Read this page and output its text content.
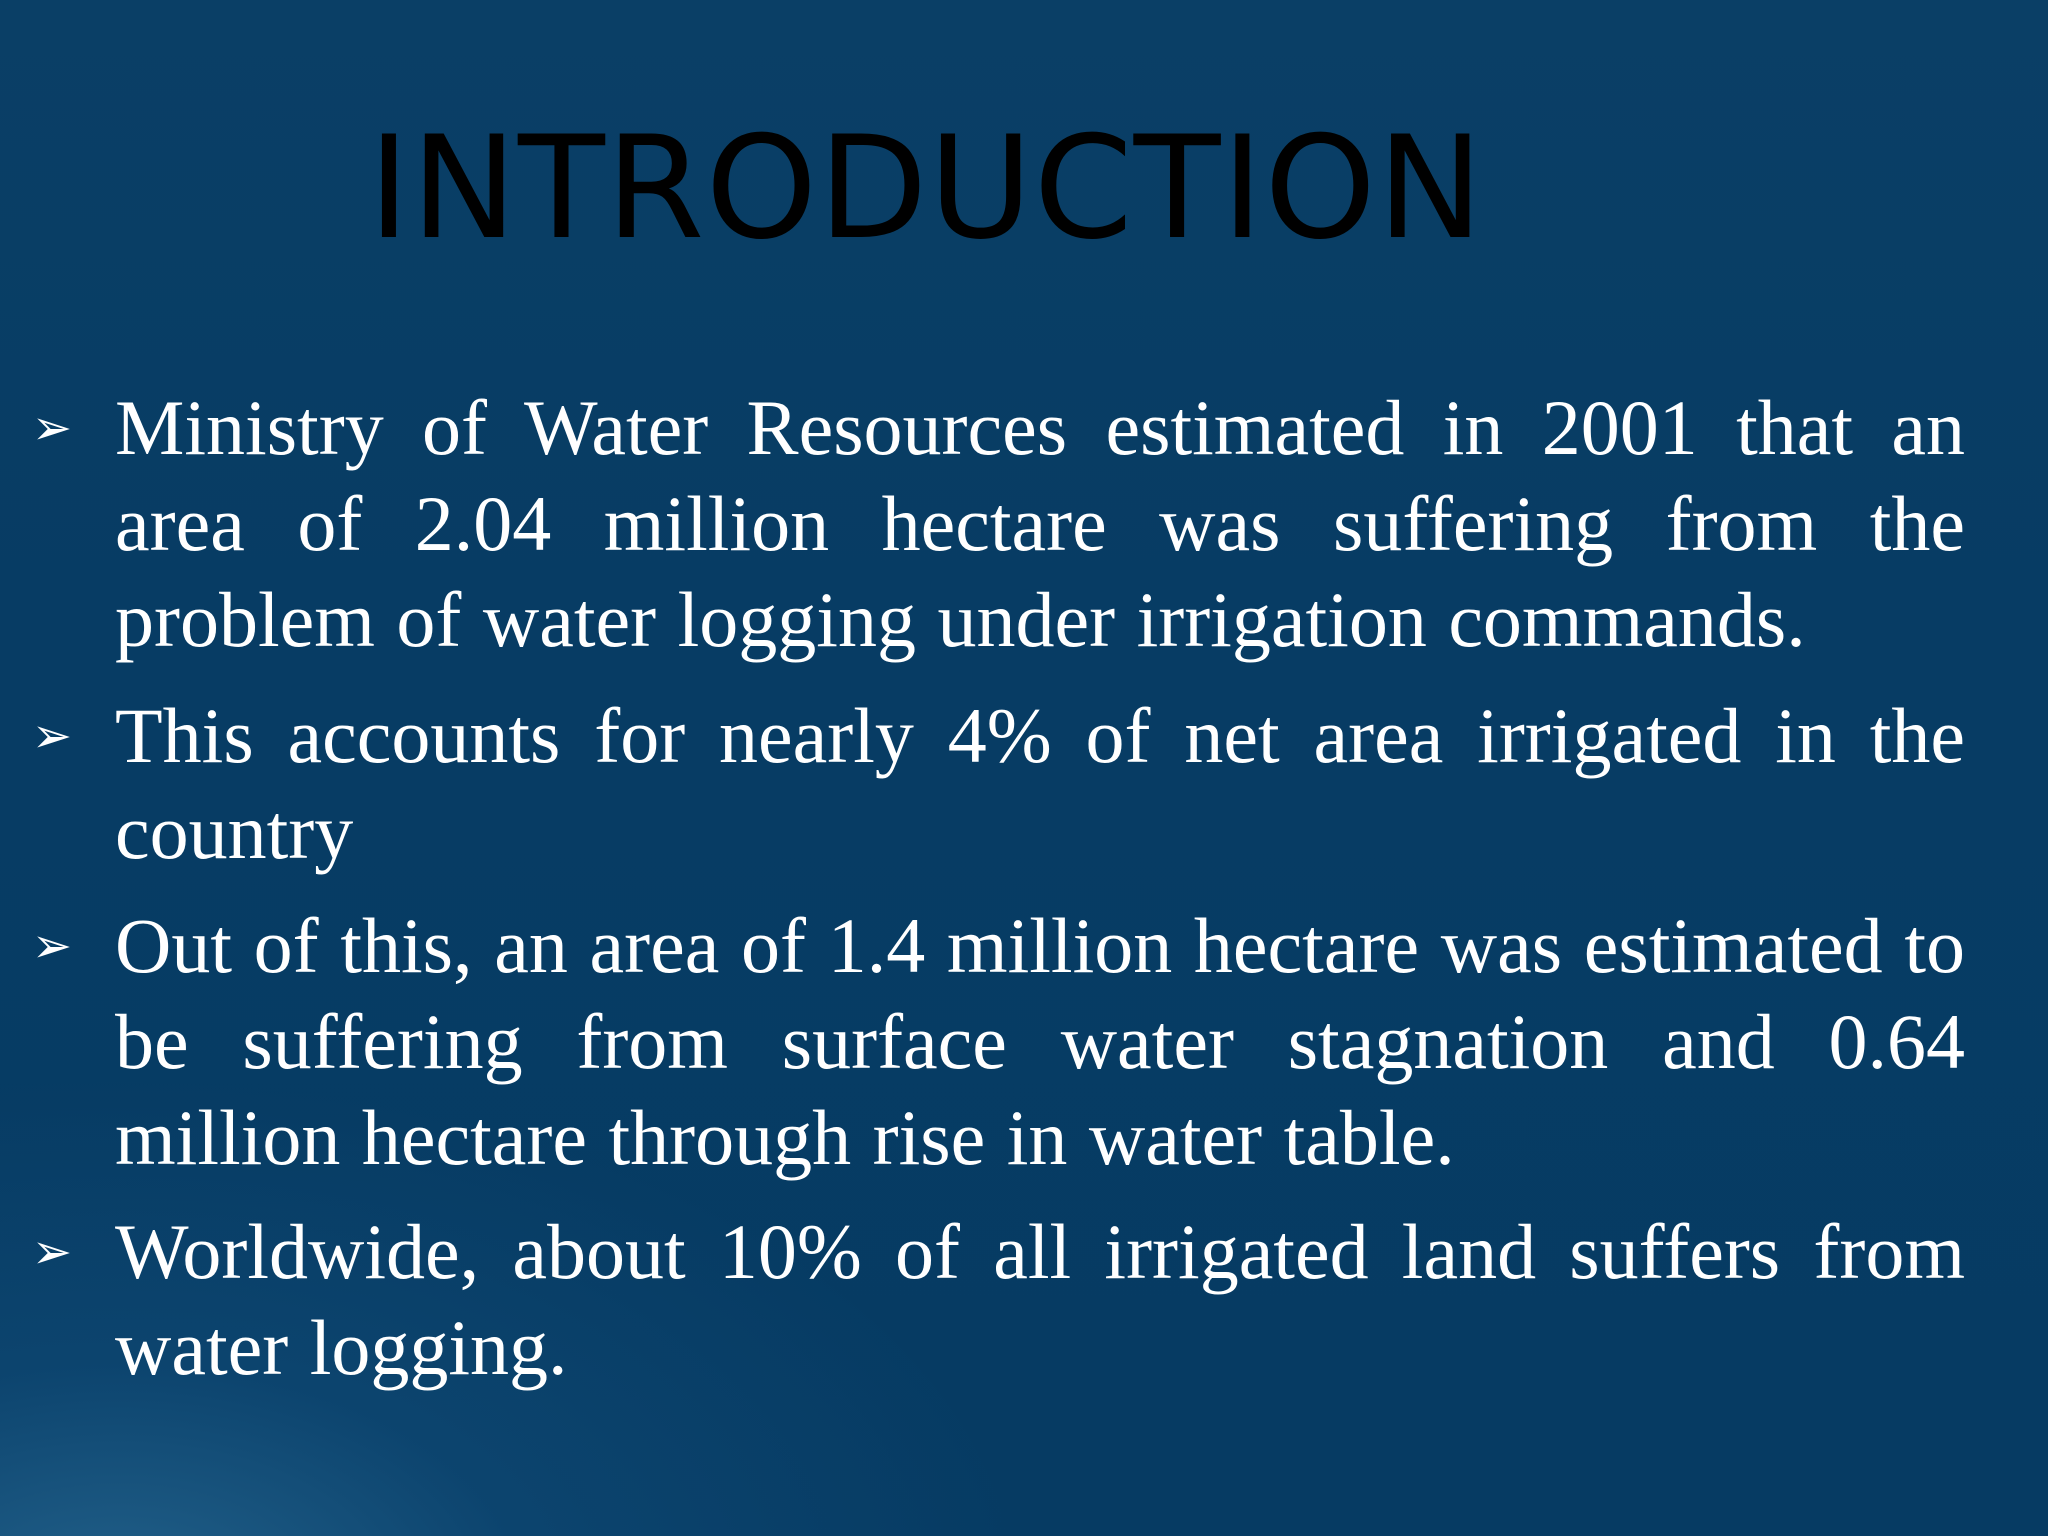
INTRODUCTION
➢ Ministry of Water Resources estimated in 2001 that an area of 2.04 million hectare was suffering from the problem of water logging under irrigation commands.

➢ This accounts for nearly 4% of net area irrigated in the country

➢ Out of this, an area of 1.4 million hectare was estimated to be suffering from surface water stagnation and 0.64 million hectare through rise in water table.

➢ Worldwide, about 10% of all irrigated land suffers from water logging.
